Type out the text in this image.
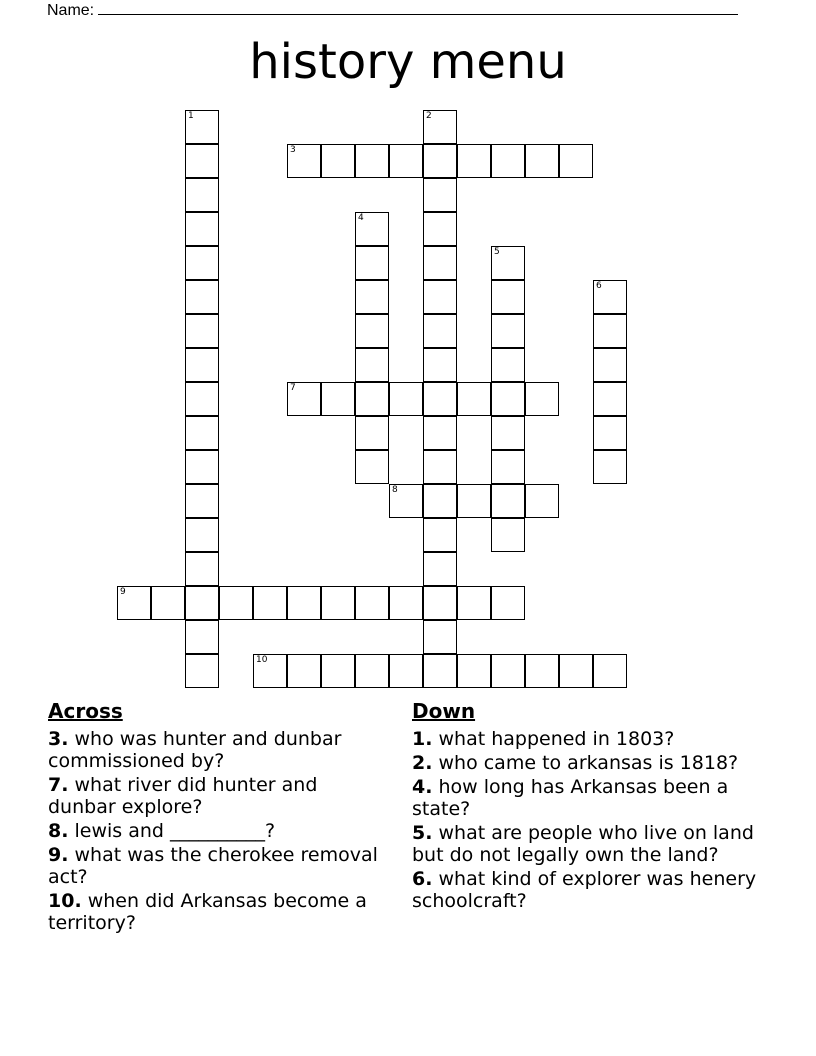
Name:
history menu
1	2
3
4
5
6
7
8
9
10
Across
3. who was hunter and dunbar commissioned by?
7. what river did hunter and dunbar explore?
8. lewis and __________?
9. what was the cherokee removal act?
10. when did Arkansas become a territory?
Down
1. what happened in 1803?
2. who came to arkansas is 1818?
4. how long has Arkansas been a state?
5. what are people who live on land but do not legally own the land?
6. what kind of explorer was henery schoolcraft?
